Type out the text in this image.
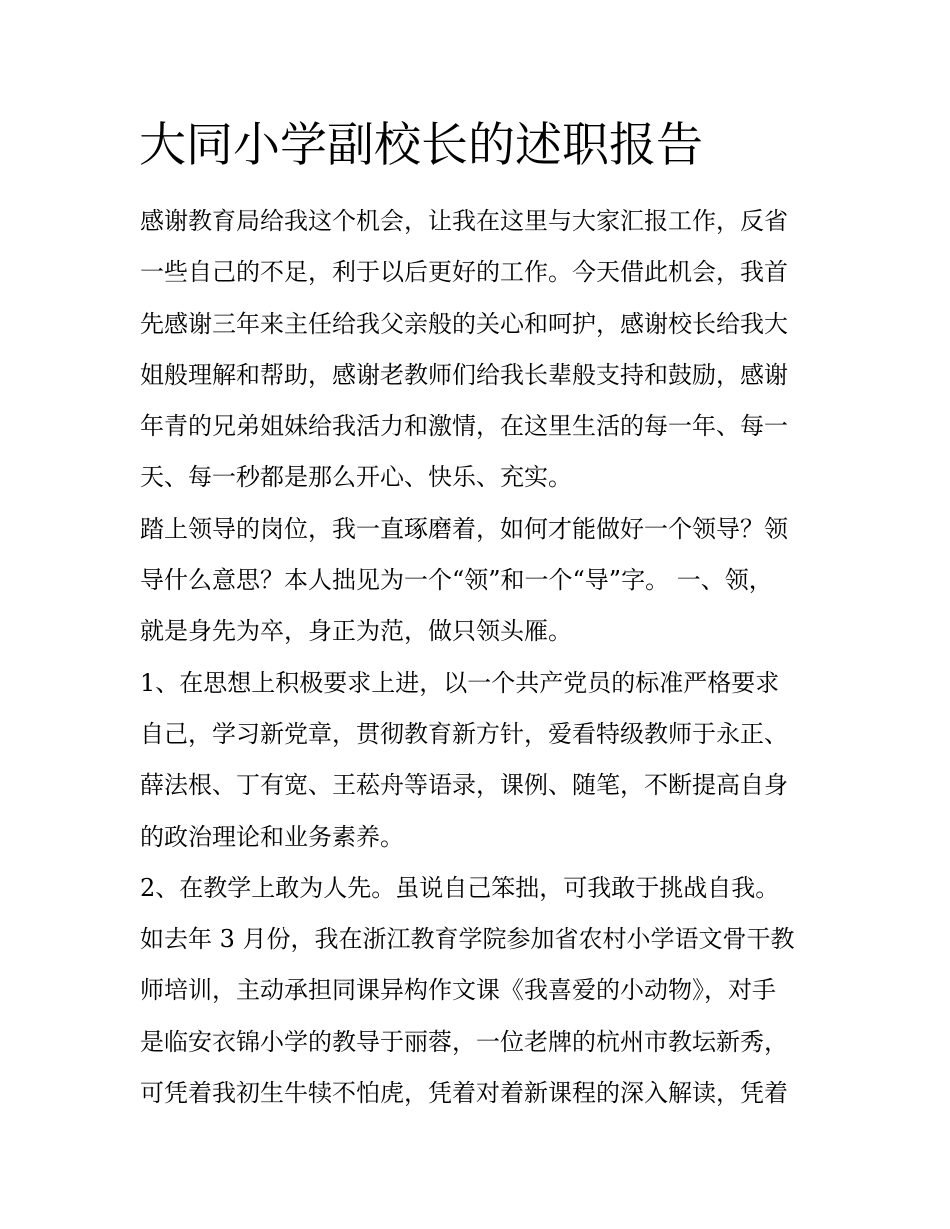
大同小学副校长的述职报告
感谢教育局给我这个机会，让我在这里与大家汇报工作，反省
一些自己的不足，利于以后更好的工作。今天借此机会，我首
先感谢三年来主任给我父亲般的关心和呵护，感谢校长给我大
姐般理解和帮助，感谢老教师们给我长辈般支持和鼓励，感谢
年青的兄弟姐妹给我活力和激情，在这里生活的每一年、每一
天、每一秒都是那么开心、快乐、充实。
踏上领导的岗位，我一直琢磨着，如何才能做好一个领导？领
导什么意思？本人拙见为一个“领”和一个“导”字。 一、领，
就是身先为卒，身正为范，做只领头雁。
1、在思想上积极要求上进，以一个共产党员的标准严格要求
自己，学习新党章，贯彻教育新方针，爱看特级教师于永正、
薛法根、丁有宽、王菘舟等语录，课例、随笔，不断提高自身
的政治理论和业务素养。
2、在教学上敢为人先。虽说自己笨拙，可我敢于挑战自我。
如去年 3 月份，我在浙江教育学院参加省农村小学语文骨干教
师培训，主动承担同课异构作文课《我喜爱的小动物》，对手
是临安衣锦小学的教导于丽蓉，一位老牌的杭州市教坛新秀，
可凭着我初生牛犊不怕虎，凭着对着新课程的深入解读，凭着
